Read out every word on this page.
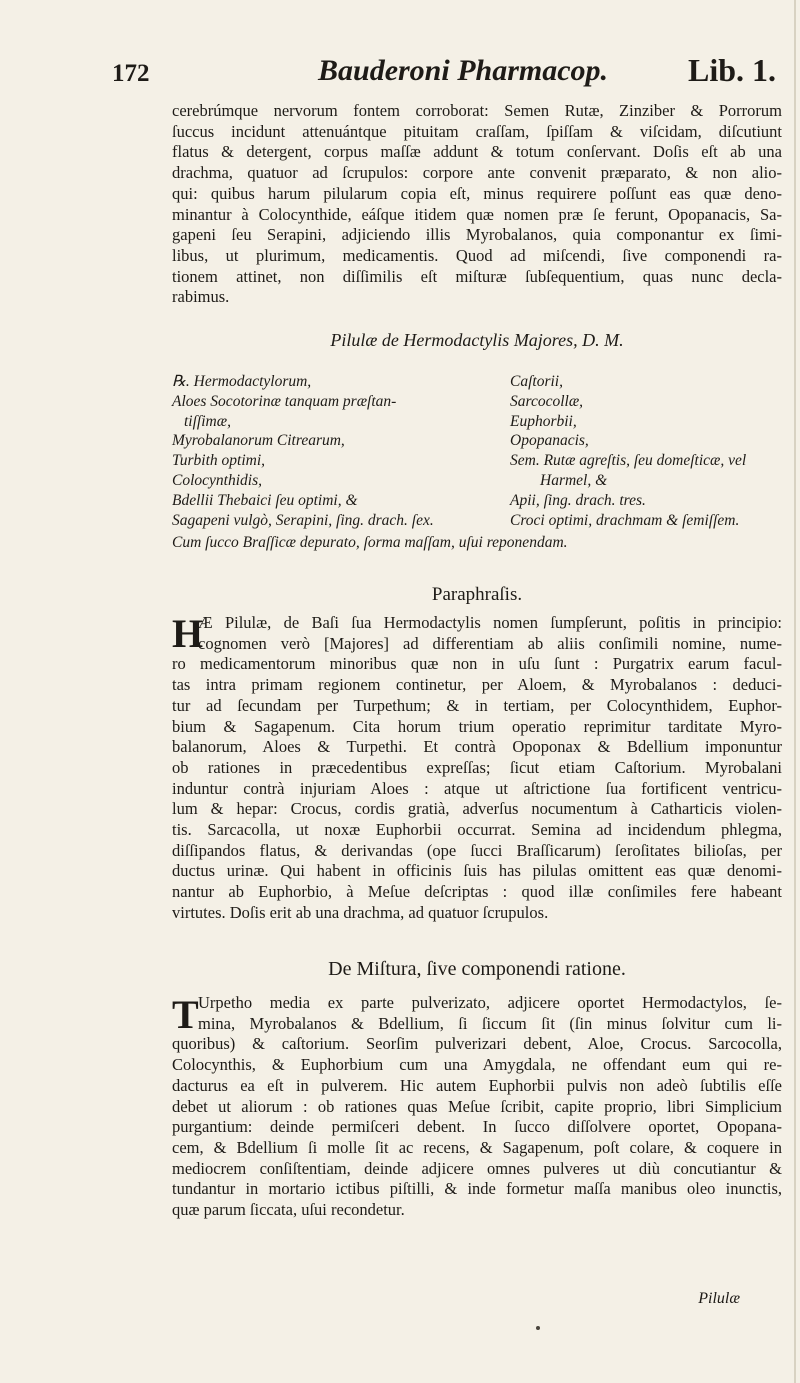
172	Bauderoni Pharmacop. Lib. 1.

cerebrúmque nervorum fontem corroborat: Semen Rutæ, Zinziber & Porrorum

ſuccus incidunt attenuántque pituitam craſſam, ſpiſſam & viſcidam, diſcutiunt

flatus & detergent, corpus maſſæ addunt & totum conſervant. Doſis eſt ab una

drachma, quatuor ad ſcrupulos: corpore ante convenit præparato, & non alio-

qui: quibus harum pilularum copia eſt, minus requirere poſſunt eas quæ deno-

minantur à Colocynthide, eáſque itidem quæ nomen præ ſe ferunt, Opopanacis, Sa-

gapeni ſeu Serapini, adjiciendo illis Myrobalanos, quia componantur ex ſimi-

libus, ut plurimum, medicamentis. Quod ad miſcendi, ſive componendi ra-

tionem attinet, non diſſimilis eſt miſturæ ſubſequentium, quas nunc decla-

rabimus.

Pilulæ de Hermodactylis Majores, D. M.

℞. Hermodactylorum,

Aloes Socotorinæ tanquam præſtan-

tiſſimæ,

Myrobalanorum Citrearum,

Turbith optimi,

Colocynthidis,

Bdellii Thebaici ſeu optimi, &

Sagapeni vulgò, Serapini, ſing. drach. ſex.

Caſtorii,

Sarcocollæ,

Euphorbii,

Opopanacis,

Sem. Rutæ agreſtis, ſeu domeſticæ, vel

Harmel, &

Apii, ſing. drach. tres.

Croci optimi, drachmam & ſemiſſem.

Cum ſucco Braſſicæ depurato, ſorma maſſam, uſui reponendam.

Paraphraſis.
H

Æ Pilulæ, de Baſi ſua Hermodactylis nomen ſumpſerunt, poſitis in principio:

cognomen verò [Majores] ad differentiam ab aliis conſimili nomine, nume-

ro medicamentorum minoribus quæ non in uſu ſunt : Purgatrix earum facul-

tas intra primam regionem continetur, per Aloem, & Myrobalanos : deduci-

tur ad ſecundam per Turpethum; & in tertiam, per Colocynthidem, Euphor-

bium & Sagapenum. Cita horum trium operatio reprimitur tarditate Myro-

balanorum, Aloes & Turpethi. Et contrà Opoponax & Bdellium imponuntur

ob rationes in præcedentibus expreſſas; ſicut etiam Caſtorium. Myrobalani

induntur contrà injuriam Aloes : atque ut aſtrictione ſua fortificent ventricu-

lum & hepar: Crocus, cordis gratià, adverſus nocumentum à Catharticis violen-

tis. Sarcacolla, ut noxæ Euphorbii occurrat. Semina ad incidendum phlegma,

diſſipandos flatus, & derivandas (ope ſucci Braſſicarum) ſeroſitates bilioſas, per

ductus urinæ. Qui habent in officinis ſuis has pilulas omittent eas quæ denomi-

nantur ab Euphorbio, à Meſue deſcriptas : quod illæ conſimiles fere habeant

virtutes. Doſis erit ab una drachma, ad quatuor ſcrupulos.

De Miſtura, ſive componendi ratione.
T Urpetho media ex parte pulverizato, adjicere oportet Hermodactylos, ſe-

mina, Myrobalanos & Bdellium, ſi ſiccum ſit (ſin minus ſolvitur cum li-

quoribus) & caſtorium. Seorſim pulverizari debent, Aloe, Crocus. Sarcocolla,

Colocynthis, & Euphorbium cum una Amygdala, ne offendant eum qui re-

dacturus ea eſt in pulverem. Hic autem Euphorbii pulvis non adeò ſubtilis eſſe

debet ut aliorum : ob rationes quas Meſue ſcribit, capite proprio, libri Simplicium

purgantium: deinde permiſceri debent. In ſucco diſſolvere oportet, Opopana-

cem, & Bdellium ſi molle ſit ac recens, & Sagapenum, poſt colare, & coquere in

mediocrem conſiſtentiam, deinde adjicere omnes pulveres ut diù concutiantur &

tundantur in mortario ictibus piſtilli, & inde formetur maſſa manibus oleo inunctis,

quæ parum ſiccata, uſui recondetur.

Pilulæ
